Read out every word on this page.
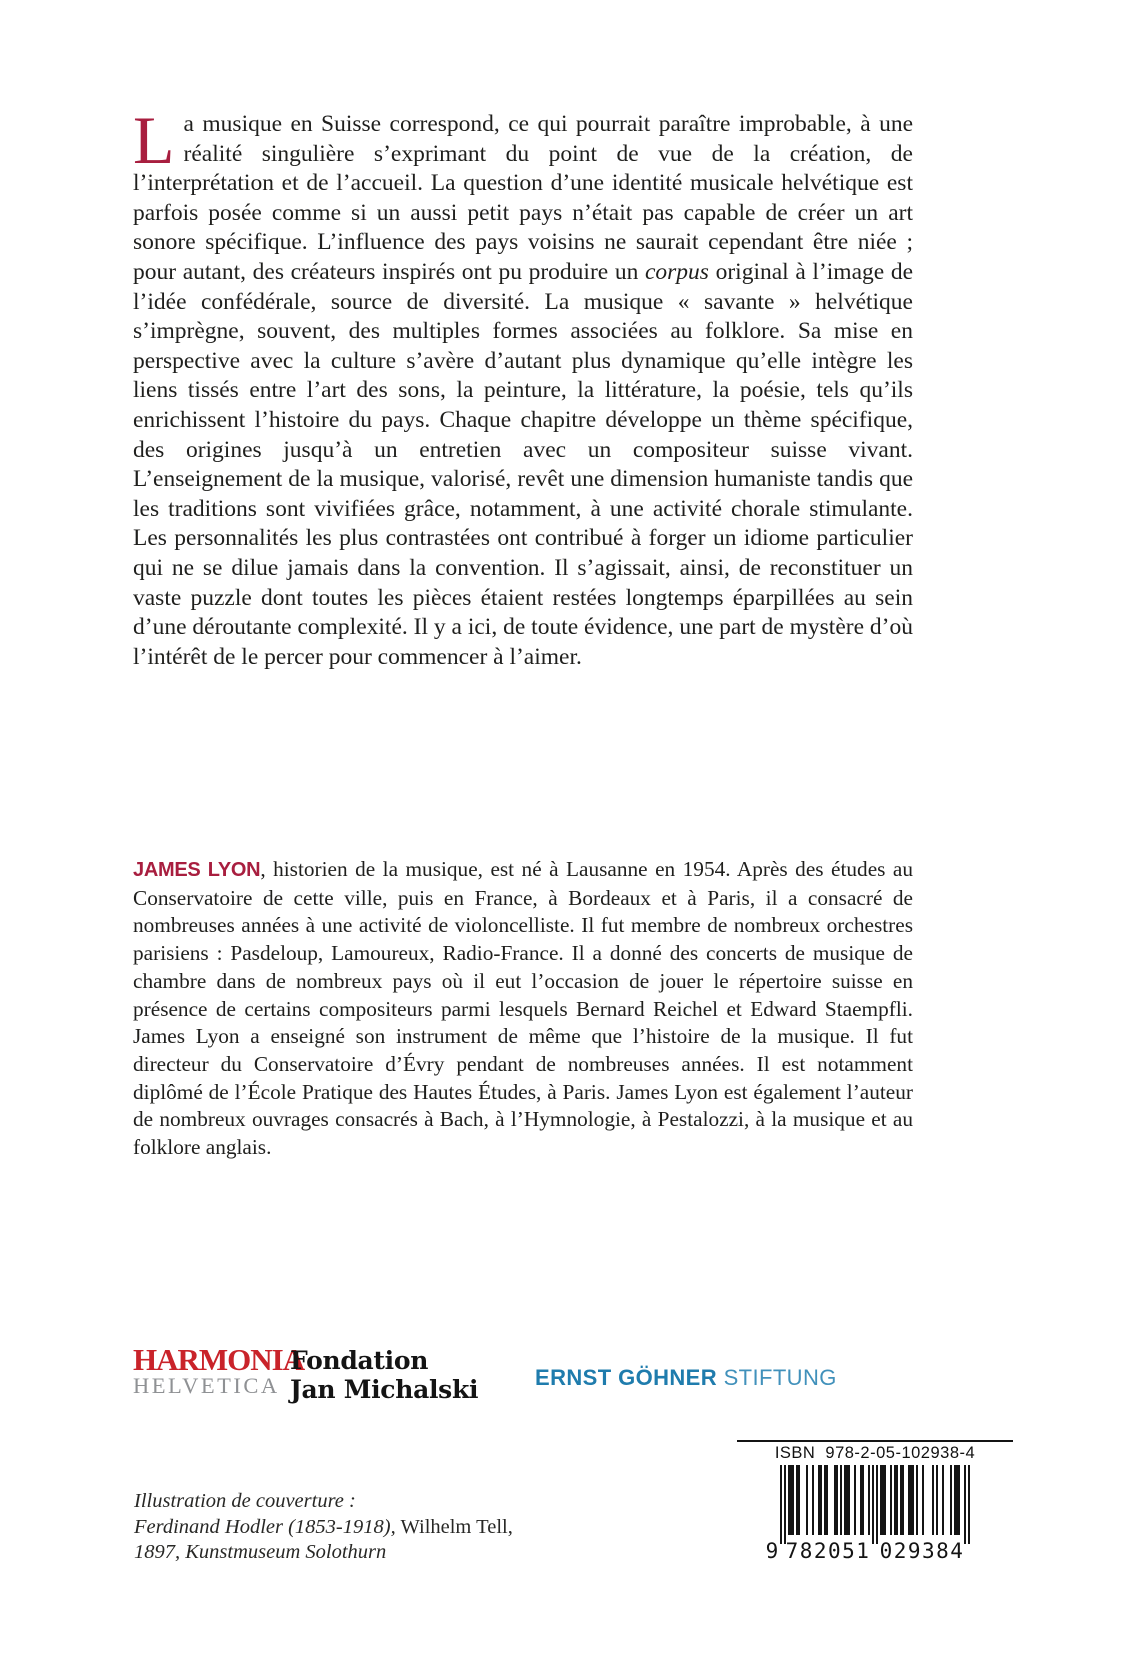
La musique en Suisse correspond, ce qui pourrait paraître improbable, à une réalité singulière s’exprimant du point de vue de la création, de l’interprétation et de l’accueil. La question d’une identité musicale helvétique est parfois posée comme si un aussi petit pays n’était pas capable de créer un art sonore spécifique. L’influence des pays voisins ne saurait cependant être niée ; pour autant, des créateurs inspirés ont pu produire un corpus original à l’image de l’idée confédérale, source de diversité. La musique « savante » helvétique s’imprègne, souvent, des multiples formes associées au folklore. Sa mise en perspective avec la culture s’avère d’autant plus dynamique qu’elle intègre les liens tissés entre l’art des sons, la peinture, la littérature, la poésie, tels qu’ils enrichissent l’histoire du pays. Chaque chapitre développe un thème spécifique, des origines jusqu’à un entretien avec un compositeur suisse vivant. L’enseignement de la musique, valorisé, revêt une dimension humaniste tandis que les traditions sont vivifiées grâce, notamment, à une activité chorale stimulante. Les personnalités les plus contrastées ont contribué à forger un idiome particulier qui ne se dilue jamais dans la convention. Il s’agissait, ainsi, de reconstituer un vaste puzzle dont toutes les pièces étaient restées longtemps éparpillées au sein d’une déroutante complexité. Il y a ici, de toute évidence, une part de mystère d’où l’intérêt de le percer pour commencer à l’aimer.
JAMES LYON, historien de la musique, est né à Lausanne en 1954. Après des études au Conservatoire de cette ville, puis en France, à Bordeaux et à Paris, il a consacré de nombreuses années à une activité de violoncelliste. Il fut membre de nombreux orchestres parisiens : Pasdeloup, Lamoureux, Radio-France. Il a donné des concerts de musique de chambre dans de nombreux pays où il eut l’occasion de jouer le répertoire suisse en présence de certains compositeurs parmi lesquels Bernard Reichel et Edward Staempfli. James Lyon a enseigné son instrument de même que l’histoire de la musique. Il fut directeur du Conservatoire d’Évry pendant de nombreuses années. Il est notamment diplômé de l’École Pratique des Hautes Études, à Paris. James Lyon est également l’auteur de nombreux ouvrages consacrés à Bach, à l’Hymnologie, à Pestalozzi, à la musique et au folklore anglais.
HARMONIA
HELVETICA
Fondation
Jan Michalski	ERNST GÖHNER STIFTUNG
ISBN 978-2-05-102938-4
9 782051 029384
Illustration de couverture :
Ferdinand Hodler (1853-1918), Wilhelm Tell,
1897, Kunstmuseum Solothurn
